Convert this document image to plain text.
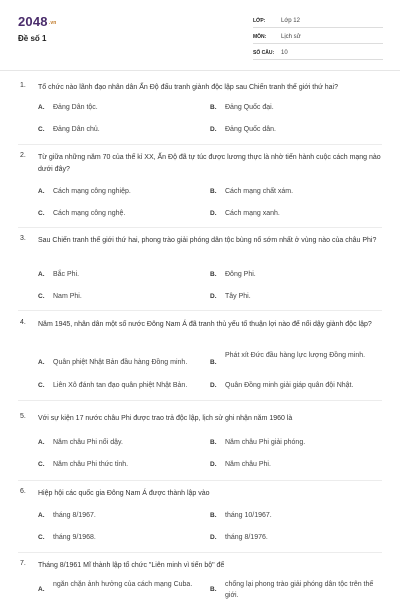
2048.vn
Đề số 1
LỚP:	Lớp 12
MÔN:	Lịch sử
SỐ CÂU:	10
1. Tổ chức nào lãnh đạo nhân dân Ấn Độ đấu tranh giành độc lập sau Chiến tranh thế giới thứ hai?
A. Đảng Dân tộc.	B. Đảng Quốc đại.
C. Đảng Dân chủ.	D. Đảng Quốc dân.
2. Từ giữa những năm 70 của thế kỉ XX, Ấn Độ đã tự túc được lương thực là nhờ tiến hành cuộc cách mạng nào dưới đây?
A. Cách mạng công nghiệp.	B. Cách mạng chất xám.
C. Cách mạng công nghệ.	D. Cách mạng xanh.
3. Sau Chiến tranh thế giới thứ hai, phong trào giải phóng dân tộc bùng nổ sớm nhất ở vùng nào của châu Phi?
A. Bắc Phi.	B. Đông Phi.
C. Nam Phi.	D. Tây Phi.
4. Năm 1945, nhân dân một số nước Đông Nam Á đã tranh thủ yếu tố thuận lợi nào để nổi dậy giành độc lập?
A. Quân phiệt Nhật Bản đầu hàng Đồng minh.	B.
Phát xít Đức đầu hàng lực lượng Đồng minh.
C. Liên Xô đánh tan đạo quân phiệt Nhật Bản.	D. Quân Đồng minh giải giáp quân đội Nhật.
5. Với sự kiện 17 nước châu Phi được trao trả độc lập, lịch sử ghi nhận năm 1960 là
A. Năm châu Phi nổi dậy.	B. Năm châu Phi giải phóng.
C. Năm châu Phi thức tỉnh.	D. Năm châu Phi.
6. Hiệp hội các quốc gia Đông Nam Á được thành lập vào
A. tháng 8/1967.	B. tháng 10/1967.
C. tháng 9/1968.	D. tháng 8/1976.
7. Tháng 8/1961 Mĩ thành lập tổ chức "Liên minh vì tiến bộ" để
A.
ngăn chặn ảnh hưởng của cách mạng Cuba.
B.
chống lại phong trào giải phóng dân tộc trên thế giới.
